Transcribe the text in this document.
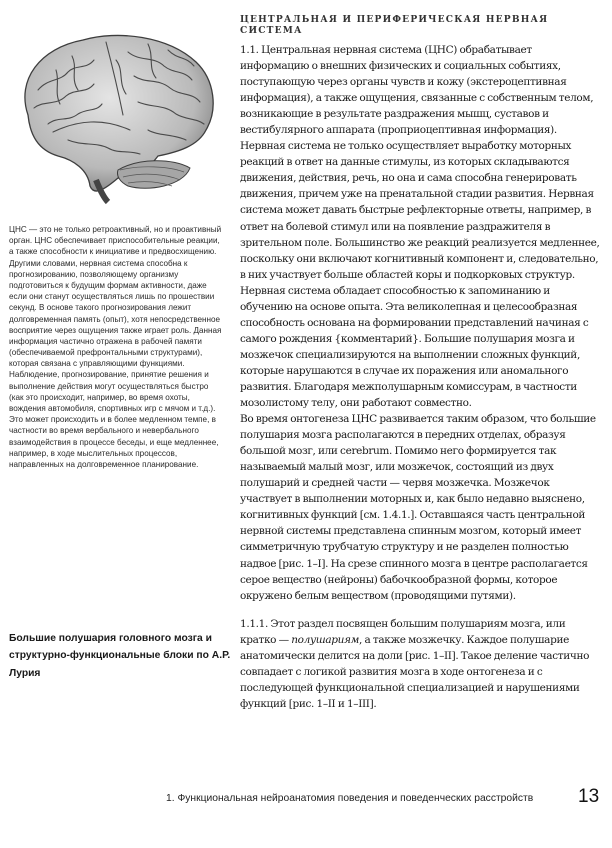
ЦЕНТРАЛЬНАЯ И ПЕРИФЕРИЧЕСКАЯ НЕРВНАЯ СИСТЕМА

ЦНС — это не только ретроактивный, но и проактивный орган. ЦНС обеспечивает приспособительные реакции, а также способности к инициативе и предвосхищению. Другими словами, нервная система способна к прогнозированию, позволяющему организму подготовиться к будущим формам активности, даже если они станут осуществляться лишь по прошествии секунд. В основе такого прогнозирования лежит долговременная память (опыт), хотя непосредственное восприятие через ощущения также играет роль. Данная информация частично отражена в рабочей памяти (обеспечиваемой префронтальными структурами), которая связана с управляющими функциями. Наблюдение, прогнозирование, принятие решения и выполнение действия могут осуществляться быстро (как это происходит, например, во время охоты, вождения автомобиля, спортивных игр с мячом и т.д.). Это может происходить и в более медленном темпе, в частности во время вербального и невербального взаимодействия в процессе беседы, и еще медленнее, например, в ходе мыслительных процессов, направленных на долговременное планирование.

Большие полушария головного мозга и структурно-функциональные блоки по А.Р. Лурия

1.1. Центральная нервная система (ЦНС) обрабатывает информацию о внешних физических и социальных событиях, поступающую через органы чувств и кожу (экстероцептивная информация), а также ощущения, связанные с собственным телом, возникающие в результате раздражения мышц, суставов и вестибулярного аппарата (проприоцептивная информация). Нервная система не только осуществляет выработку моторных реакций в ответ на данные стимулы, из которых складываются движения, действия, речь, но она и сама способна генерировать движения, причем уже на пренатальной стадии развития. Нервная система может давать быстрые рефлекторные ответы, например, в ответ на болевой стимул или на появление раздражителя в зрительном поле. Большинство же реакций реализуется медленнее, поскольку они включают когнитивный компонент и, следовательно, в них участвует больше областей коры и подкорковых структур.

Нервная система обладает способностью к запоминанию и обучению на основе опыта. Эта великолепная и целесообразная способность основана на формировании представлений начиная с самого рождения {комментарий}. Большие полушария мозга и мозжечок специализируются на выполнении сложных функций, которые нарушаются в случае их поражения или аномального развития. Благодаря межполушарным комиссурам, в частности мозолистому телу, они работают совместно.

Во время онтогенеза ЦНС развивается таким образом, что большие полушария мозга располагаются в передних отделах, образуя большой мозг, или cerebrum. Помимо него формируется так называемый малый мозг, или мозжечок, состоящий из двух полушарий и средней части — червя мозжечка. Мозжечок участвует в выполнении моторных и, как было недавно выяснено, когнитивных функций [см. 1.4.1.]. Оставшаяся часть центральной нервной системы представлена спинным мозгом, который имеет симметричную трубчатую структуру и не разделен полностью надвое [рис. 1–I]. На срезе спинного мозга в центре располагается серое вещество (нейроны) бабочкообразной формы, которое окружено белым веществом (проводящими путями).

1.1.1. Этот раздел посвящен большим полушариям мозга, или кратко — полушариям, а также мозжечку. Каждое полушарие анатомически делится на доли [рис. 1–II]. Такое деление частично совпадает с логикой развития мозга в ходе онтогенеза и с последующей функциональной специализацией и нарушениями функций [рис. 1–II и 1–III].

1. Функциональная нейроанатомия поведения и поведенческих расстройств 13
